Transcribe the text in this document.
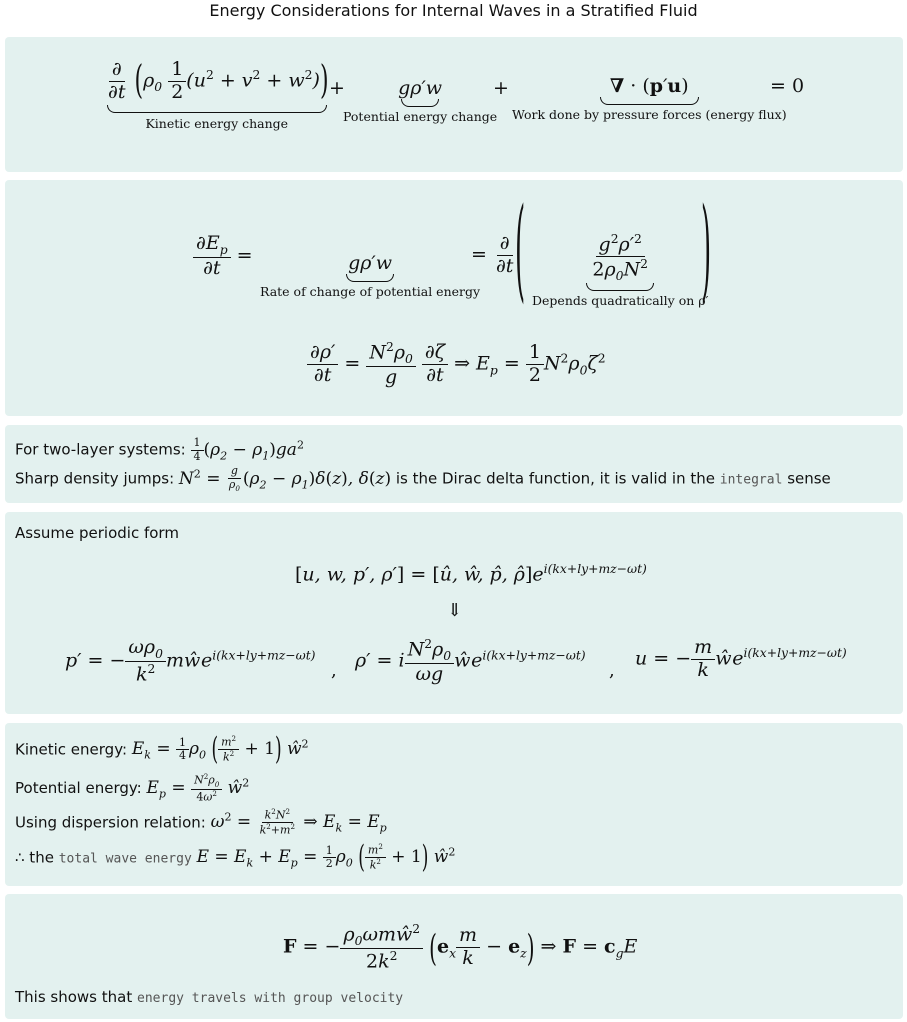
Energy Considerations for Internal Waves in a Stratified Fluid
$\frac{\partial}{\partial t} (\rho_0 \frac{1}{2} (u^2 + v^2 + w^2))$
Kinetic energy change
+	gρ′w
Potential energy change
+	∇ · (p′u)
Work done by pressure forces (energy flux)
= 0
$\frac{\partial E_p}{\partial t}$ =	gρ′w
Rate of change of potential energy
= $\frac{\partial}{\partial t}$
(	$\frac{g^2\rho'^2}{2\rho_0N^2}$
Depends quadratically on ρ′
)
$\frac{\partial\rho'}{\partial t} = \frac{N^2\rho_0}{g}$
$\frac{\partial\zeta}{\partial t}$ ⇒ $E_p = \frac{1}{2} N^2\rho_0\zeta^2$
For two-layer systems: $\frac{1}{4} (\rho_2 - \rho_1)ga^2$
Sharp density jumps: $N^2 = \frac{g}{\rho_0} (\rho_2 - \rho_1)\delta(z)$, δ(z) is the Dirac delta function, it is valid in the integral sense
Assume periodic form
[u, w, p′, ρ′] = [û, ŵ, p̂, $\rhô]e^{i(kx+ly+mz-\omega t)}$
⇓
p′ = − $\frac{\omega\rho_0}{k^2}$ mŵe$^{i(kx+ly+mz-\omega t)}$
, ρ′ = i $\frac{N^2\rho_0}{\omega g}$ $ŵe^{i(kx+ly+mz-\omega t)}$
,
u = − $\frac{m}{k}$ $ŵe^{i(kx+ly+mz-\omega t)}$
Kinetic energy: $E_k = \frac{1}{4} \rho_0$ ( $\frac{m^2}{k^2} + 1$) $ŵ^2$
Potential energy: $E_p = \frac{N^2\rho_0}{4\omega^2}$ $ŵ^2$
Using dispersion relation: $\omega^2 = \frac{k^2N^2}{k^2+m^2}$ ⇒ $E_k = E_p$
∴ the total wave energy $E = E_k + E_p = \frac{1}{2} \rho_0$ ( $\frac{m^2}{k^2} + 1$) $ŵ^2$
F = − $\frac{\rho_0\omega mŵ^2}{2k^2} (e_x \frac{m}{k} - e_z)$ ⇒ $F = c_gE$
This shows that energy travels with group velocity
